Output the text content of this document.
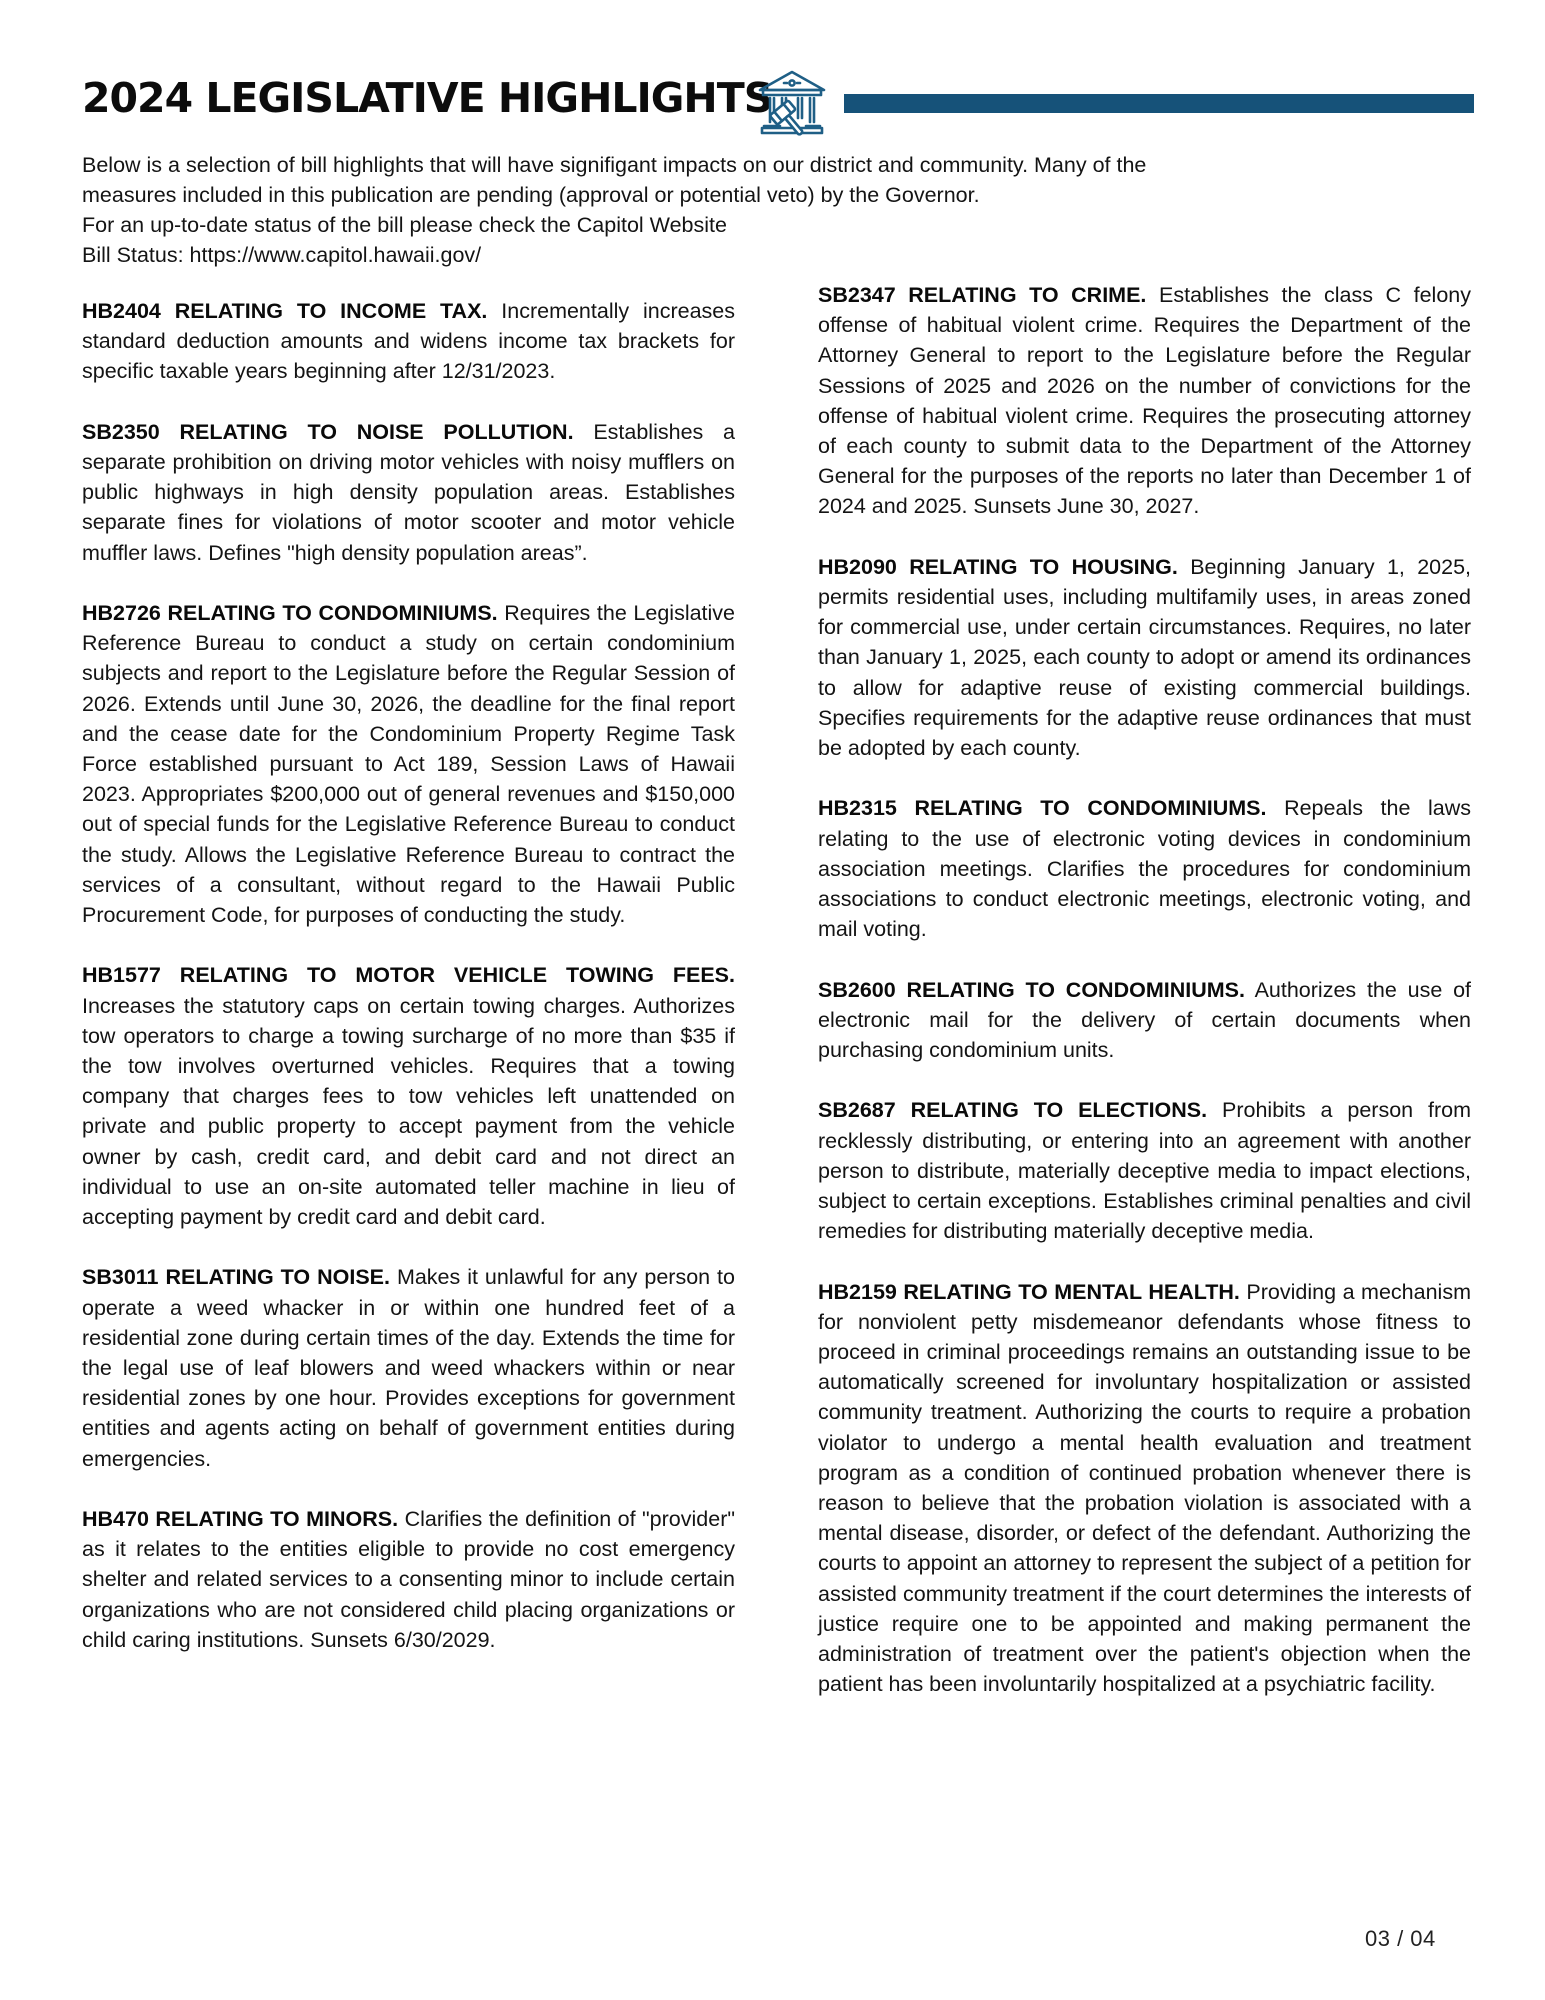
2024 LEGISLATIVE HIGHLIGHTS

Below is a selection of bill highlights that will have signifigant impacts on our district and community. Many of the

measures included in this publication are pending (approval or potential veto) by the Governor.

For an up-to-date status of the bill please check the Capitol Website

Bill Status: https://www.capitol.hawaii.gov/

HB2404 RELATING TO INCOME TAX. Incrementally increases standard deduction amounts and widens income tax brackets for specific taxable years beginning after 12/31/2023.

SB2350 RELATING TO NOISE POLLUTION. Establishes a separate prohibition on driving motor vehicles with noisy mufflers on public highways in high density population areas. Establishes separate fines for violations of motor scooter and motor vehicle muffler laws. Defines "high density population areas”.

HB2726 RELATING TO CONDOMINIUMS. Requires the Legislative Reference Bureau to conduct a study on certain condominium subjects and report to the Legislature before the Regular Session of 2026. Extends until June 30, 2026, the deadline for the final report and the cease date for the Condominium Property Regime Task Force established pursuant to Act 189, Session Laws of Hawaii 2023. Appropriates $200,000 out of general revenues and $150,000 out of special funds for the Legislative Reference Bureau to conduct the study. Allows the Legislative Reference Bureau to contract the services of a consultant, without regard to the Hawaii Public Procurement Code, for purposes of conducting the study.

HB1577 RELATING TO MOTOR VEHICLE TOWING FEES. Increases the statutory caps on certain towing charges. Authorizes tow operators to charge a towing surcharge of no more than $35 if the tow involves overturned vehicles. Requires that a towing company that charges fees to tow vehicles left unattended on private and public property to accept payment from the vehicle owner by cash, credit card, and debit card and not direct an individual to use an on-site automated teller machine in lieu of accepting payment by credit card and debit card.

SB3011 RELATING TO NOISE. Makes it unlawful for any person to operate a weed whacker in or within one hundred feet of a residential zone during certain times of the day. Extends the time for the legal use of leaf blowers and weed whackers within or near residential zones by one hour. Provides exceptions for government entities and agents acting on behalf of government entities during emergencies.

HB470 RELATING TO MINORS. Clarifies the definition of "provider" as it relates to the entities eligible to provide no cost emergency shelter and related services to a consenting minor to include certain organizations who are not considered child placing organizations or child caring institutions. Sunsets 6/30/2029.

SB2347 RELATING TO CRIME. Establishes the class C felony offense of habitual violent crime. Requires the Department of the Attorney General to report to the Legislature before the Regular Sessions of 2025 and 2026 on the number of convictions for the offense of habitual violent crime. Requires the prosecuting attorney of each county to submit data to the Department of the Attorney General for the purposes of the reports no later than December 1 of 2024 and 2025. Sunsets June 30, 2027.

HB2090 RELATING TO HOUSING. Beginning January 1, 2025, permits residential uses, including multifamily uses, in areas zoned for commercial use, under certain circumstances. Requires, no later than January 1, 2025, each county to adopt or amend its ordinances to allow for adaptive reuse of existing commercial buildings. Specifies requirements for the adaptive reuse ordinances that must be adopted by each county.

HB2315 RELATING TO CONDOMINIUMS. Repeals the laws relating to the use of electronic voting devices in condominium association meetings. Clarifies the procedures for condominium associations to conduct electronic meetings, electronic voting, and mail voting.

SB2600 RELATING TO CONDOMINIUMS. Authorizes the use of electronic mail for the delivery of certain documents when purchasing condominium units.

SB2687 RELATING TO ELECTIONS. Prohibits a person from recklessly distributing, or entering into an agreement with another person to distribute, materially deceptive media to impact elections, subject to certain exceptions. Establishes criminal penalties and civil remedies for distributing materially deceptive media.

HB2159 RELATING TO MENTAL HEALTH. Providing a mechanism for nonviolent petty misdemeanor defendants whose fitness to proceed in criminal proceedings remains an outstanding issue to be automatically screened for involuntary hospitalization or assisted community treatment. Authorizing the courts to require a probation violator to undergo a mental health evaluation and treatment program as a condition of continued probation whenever there is reason to believe that the probation violation is associated with a mental disease, disorder, or defect of the defendant. Authorizing the courts to appoint an attorney to represent the subject of a petition for assisted community treatment if the court determines the interests of justice require one to be appointed and making permanent the administration of treatment over the patient's objection when the patient has been involuntarily hospitalized at a psychiatric facility.

03 / 04
